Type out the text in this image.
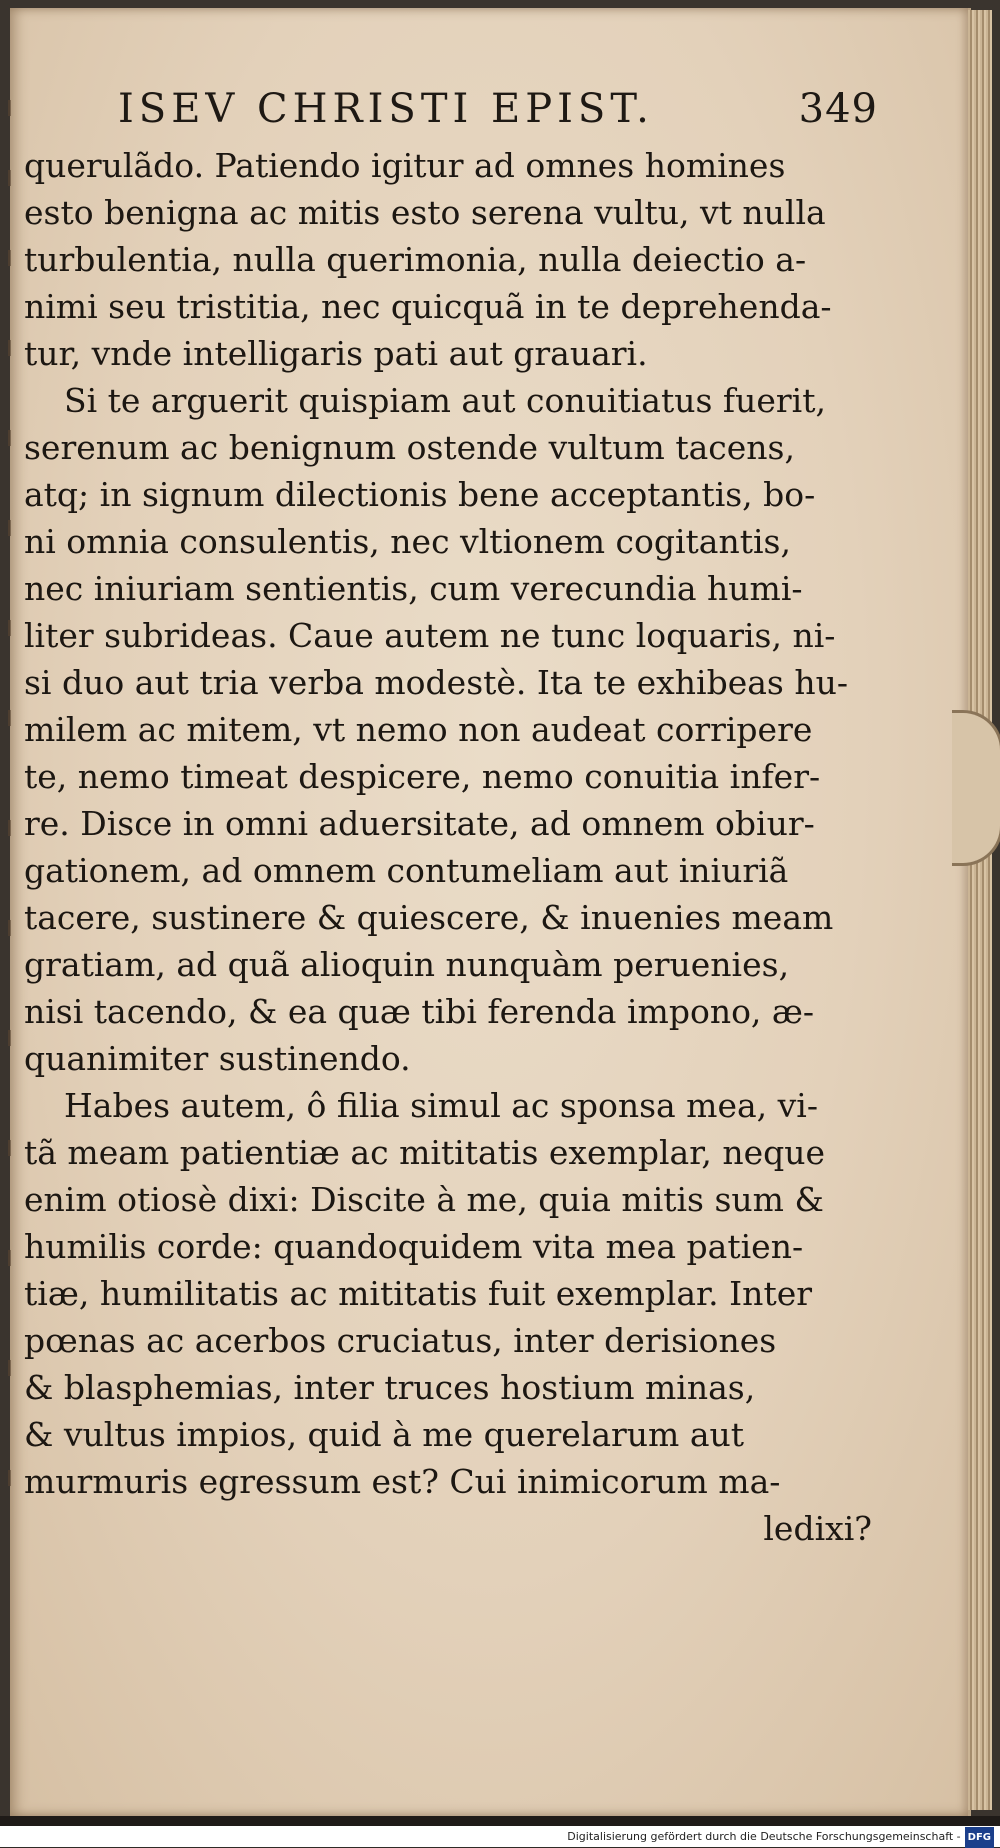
ISEV CHRISTI EPIST.	349
querulãdo. Patiendo igitur ad omnes homines
esto benigna ac mitis esto serena vultu, vt nulla
turbulentia, nulla querimonia, nulla deiectio a-
nimi seu tristitia, nec quicquã in te deprehenda-
tur, vnde intelligaris pati aut grauari.
Si te arguerit quispiam aut conuitiatus fuerit,
serenum ac benignum ostende vultum tacens,
atq; in signum dilectionis bene acceptantis, bo-
ni omnia consulentis, nec vltionem cogitantis,
nec iniuriam sentientis, cum verecundia humi-
liter subrideas. Caue autem ne tunc loquaris, ni-
si duo aut tria verba modestè. Ita te exhibeas hu-
milem ac mitem, vt nemo non audeat corripere
te, nemo timeat despicere, nemo conuitia infer-
re. Disce in omni aduersitate, ad omnem obiur-
gationem, ad omnem contumeliam aut iniuriã
tacere, sustinere & quiescere, & inuenies meam
gratiam, ad quã alioquin nunquàm peruenies,
nisi tacendo, & ea quæ tibi ferenda impono, æ-
quanimiter sustinendo.
Habes autem, ô filia simul ac sponsa mea, vi-
tã meam patientiæ ac mititatis exemplar, neque
enim otiosè dixi: Discite à me, quia mitis sum &
humilis corde: quandoquidem vita mea patien-
tiæ, humilitatis ac mititatis fuit exemplar. Inter
pœnas ac acerbos cruciatus, inter derisiones
& blasphemias, inter truces hostium minas,
& vultus impios, quid à me querelarum aut
murmuris egressum est? Cui inimicorum ma-
ledixi?
Digitalisierung gefördert durch die Deutsche Forschungsgemeinschaft - DFG
